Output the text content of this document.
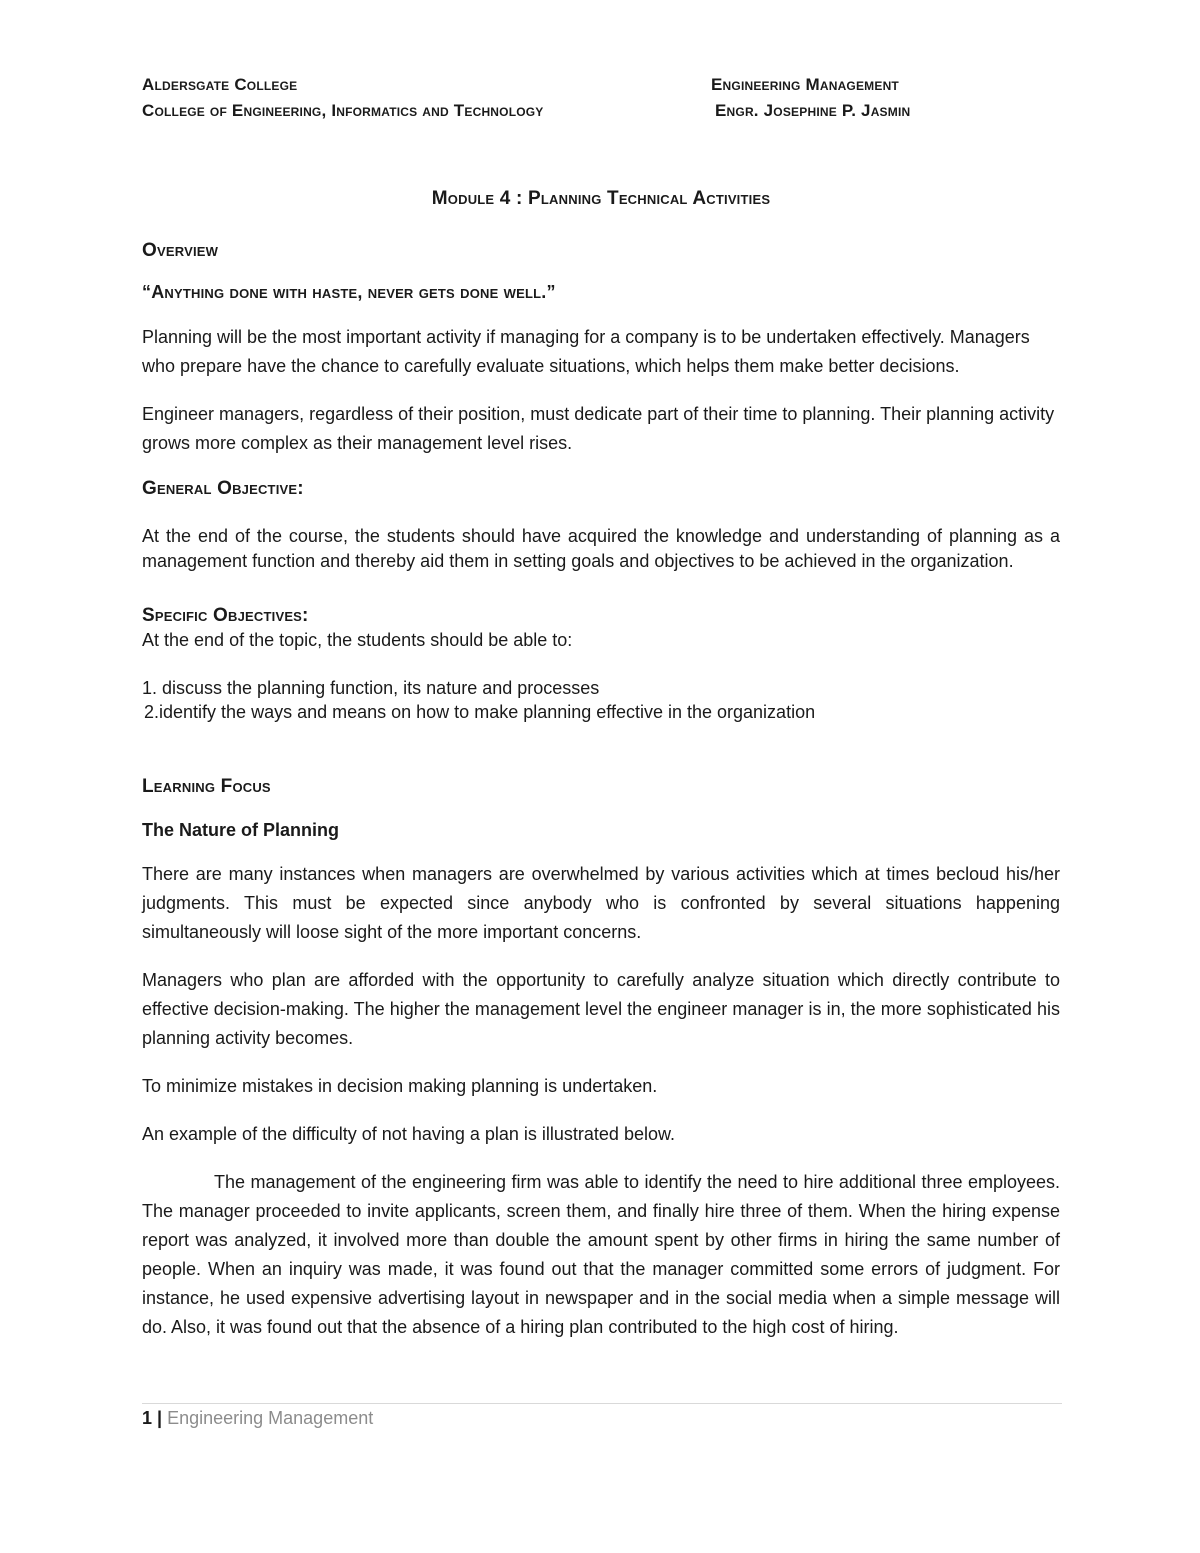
Aldersgate College
College of Engineering, Informatics and Technology
Engineering Management
Engr. Josephine P. Jasmin
Module 4 : Planning Technical Activities
Overview
“Anything done with haste, never gets done well.”

Planning will be the most important activity if managing for a company is to be undertaken effectively. Managers who prepare have the chance to carefully evaluate situations, which helps them make better decisions.

Engineer managers, regardless of their position, must dedicate part of their time to planning. Their planning activity grows more complex as their management level rises.

General Objective:

At the end of the course, the students should have acquired the knowledge and understanding of planning as a management function and thereby aid them in setting goals and objectives to be achieved in the organization.

Specific Objectives:

At the end of the topic, the students should be able to:

1. discuss the planning function, its nature and processes

2.identify the ways and means on how to make planning effective in the organization

Learning Focus
The Nature of Planning

There are many instances when managers are overwhelmed by various activities which at times becloud his/her judgments. This must be expected since anybody who is confronted by several situations happening simultaneously will loose sight of the more important concerns.

Managers who plan are afforded with the opportunity to carefully analyze situation which directly contribute to effective decision-making. The higher the management level the engineer manager is in, the more sophisticated his planning activity becomes.

To minimize mistakes in decision making planning is undertaken.

An example of the difficulty of not having a plan is illustrated below.

The management of the engineering firm was able to identify the need to hire additional three employees. The manager proceeded to invite applicants, screen them, and finally hire three of them. When the hiring expense report was analyzed, it involved more than double the amount spent by other firms in hiring the same number of people. When an inquiry was made, it was found out that the manager committed some errors of judgment. For instance, he used expensive advertising layout in newspaper and in the social media when a simple message will do. Also, it was found out that the absence of a hiring plan contributed to the high cost of hiring.

1 | Engineering Management
